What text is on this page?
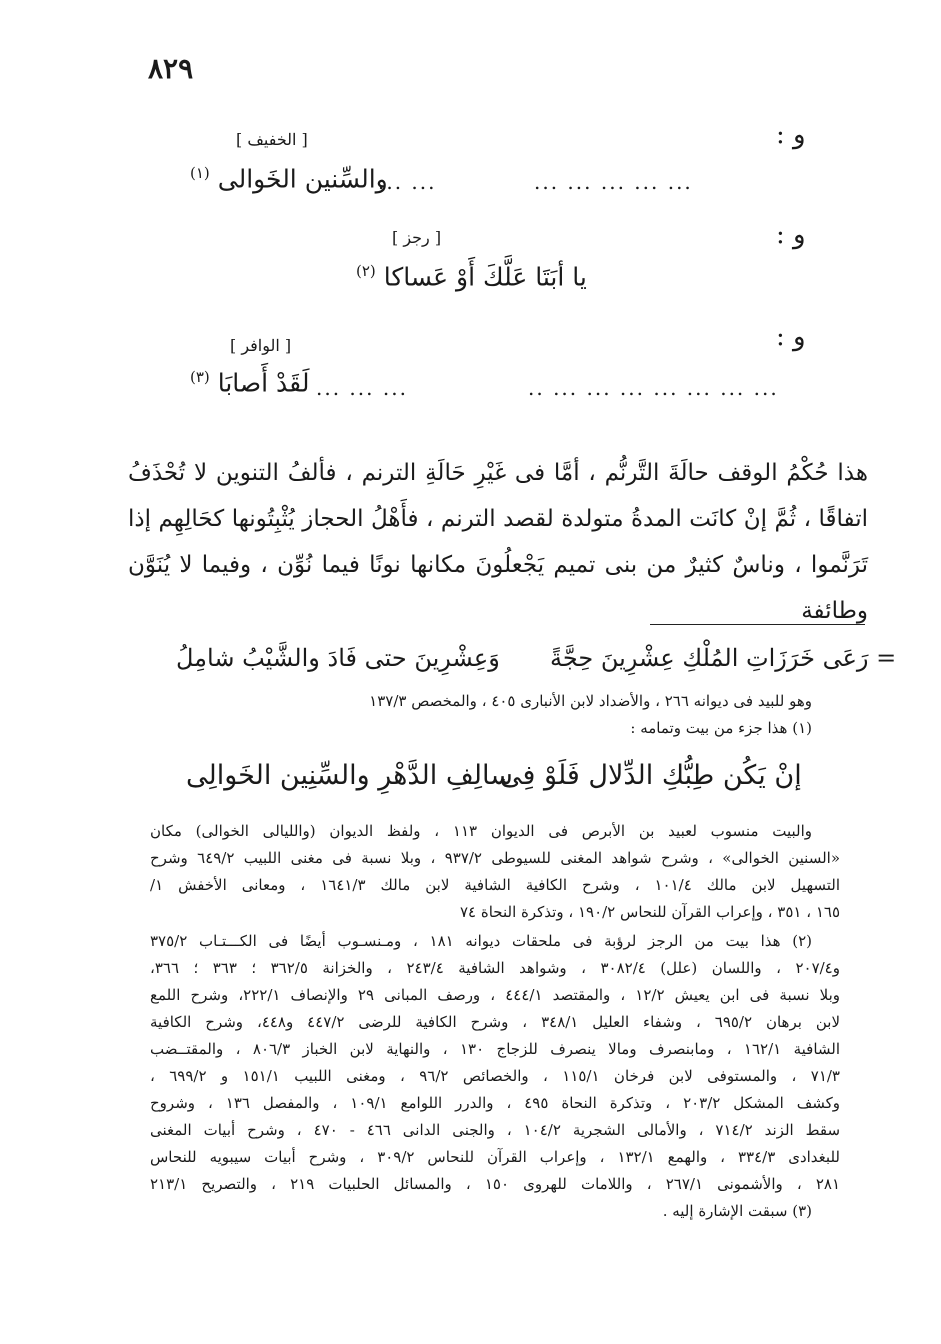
٨٢٩
و :
[ الخفيف ]
... ... ... ... ...
... ...
والسِّنين الخَوالى $^{(١)}$
و :
[ رجز ]
يا أبَتَا عَلَّكَ أَوْ عَساكا $^{(٢)}$
و :
[ الوافر ]
.. ... ... ... ... ... ... ...
... ... ...
لَقَدْ أَصابَا $^{(٣)}$

هذا حُكْمُ الوقف حالَةَ التَّرنُّم ، أمَّا فى غَيْرِ حَالَةِ الترنم ، فألفُ التنوين لا تُحْذَفُ

اتفاقًا ، ثُمَّ إنْ كانَت المدةُ متولدة لقصد الترنم ، فأَهْلُ الحجاز يُثْبِتُونها كحَالِهِم إذا

تَرَنَّموا ، وناسٌ كثيرٌ من بنى تميم يَجْعلُونَ مكانها نونًا فيما نُوِّن ، وفيما لا يُنَوَّن وطائفة

= رَعَى خَرَزَاتِ المُلْكِ عِشْرِينَ حِجَّةً
وَعِشْرِينَ حتى فَادَ والشَّيْبُ شامِلُ

وهو للبيد فى ديوانه ٢٦٦ ، والأضداد لابن الأنبارى ٤٠٥ ، والمخصص ١٣٧/٣

(١) هذا جزء من بيت وتمامه :

إنْ يَكُن طِبُّكِ الدِّلال فَلَوْ فِى
سالِفِ الدَّهْرِ والسِّنِين الخَوالِى

والبيت منسوب لعبيد بن الأبرص فى الديوان ١١٣ ، ولفظ الديوان (والليالى الخوالى) مكان

«السنين الخوالى» ، وشرح شواهد المغنى للسيوطى ٩٣٧/٢ ، وبلا نسبة فى مغنى اللبيب ٦٤٩/٢ وشرح

التسهيل لابن مالك ١٠١/٤ ، وشرح الكافية الشافية لابن مالك ١٦٤١/٣ ، ومعانى الأخفش ١/

١٦٥ ، ٣٥١ ، وإعراب القرآن للنحاس ١٩٠/٢ ، وتذكرة النحاة ٧٤

(٢) هذا بيت من الرجز لرؤبة فى ملحقات ديوانه ١٨١ ، ومـنسـوب أيضًا فى الكـــتـاب ٣٧٥/٢

و٢٠٧/٤ ، واللسان (علل) ٣٠٨٢/٤ ، وشواهد الشافية ٢٤٣/٤ ، والخزانة ٣٦٢/٥ ؛ ٣٦٣ ؛ ٣٦٦،

وبلا نسبة فى ابن يعيش ١٢/٢ ، والمقتصد ٤٤٤/١ ، ورصف المبانى ٢٩ والإنصاف ٢٢٢/١، وشرح اللمع

لابن برهان ٦٩٥/٢ ، وشفاء العليل ٣٤٨/١ ، وشرح الكافية للرضى ٤٤٧/٢ و٤٤٨، وشرح الكافية

الشافية ١٦٢/١ ، ومابنصرف ومالا ينصرف للزجاج ١٣٠ ، والنهاية لابن الخباز ٨٠٦/٣ ، والمقتــضب

٧١/٣ ، والمستوفى لابن فرخان ١١٥/١ ، والخصائص ٩٦/٢ ، ومغنى اللبيب ١٥١/١ و ٦٩٩/٢ ،

وكشف المشكل ٢٠٣/٢ ، وتذكرة النحاة ٤٩٥ ، والدرر اللوامع ١٠٩/١ ، والمفصل ١٣٦ ، وشروح

سقط الزند ٧١٤/٢ ، والأمالى الشجرية ١٠٤/٢ ، والجنى الدانى ٤٦٦ - ٤٧٠ ، وشرح أبيات المغنى

للبغدادى ٣٣٤/٣ ، والهمع ١٣٢/١ ، وإعراب القرآن للنحاس ٣٠٩/٢ ، وشرح أبيات سيبويه للنحاس

٢٨١ ، والأشمونى ٢٦٧/١ ، واللامات للهروى ١٥٠ ، والمسائل الحلبيات ٢١٩ ، والتصريح ٢١٣/١

(٣) سبقت الإشارة إليه .
